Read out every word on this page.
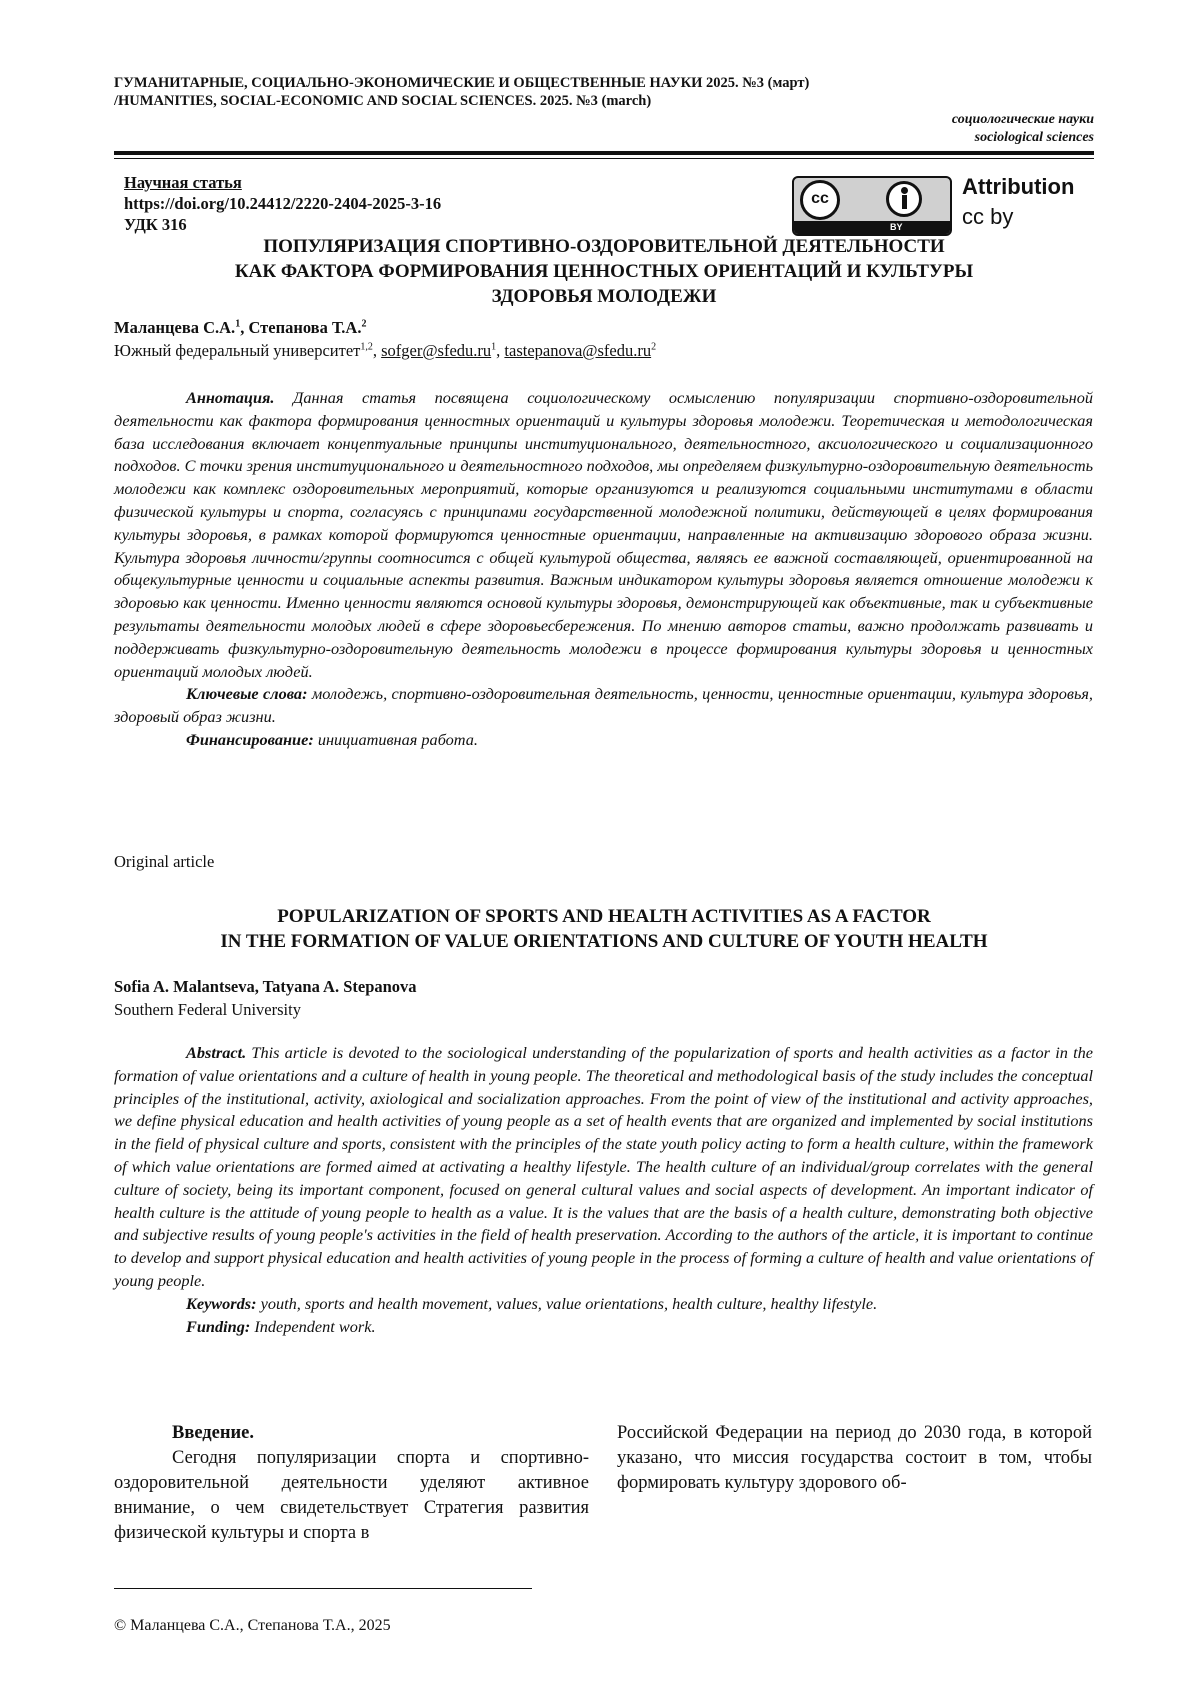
ГУМАНИТАРНЫЕ, СОЦИАЛЬНО-ЭКОНОМИЧЕСКИЕ И ОБЩЕСТВЕННЫЕ НАУКИ 2025. №3 (март)
/HUMANITIES, SOCIAL-ECONOMIC AND SOCIAL SCIENCES. 2025. №3 (march)
социологические науки
sociological sciences
Научная статья
https://doi.org/10.24412/2220-2404-2025-3-16
УДК 316
cc
BY
Attribution
cc by
ПОПУЛЯРИЗАЦИЯ СПОРТИВНО-ОЗДОРОВИТЕЛЬНОЙ ДЕЯТЕЛЬНОСТИ
КАК ФАКТОРА ФОРМИРОВАНИЯ ЦЕННОСТНЫХ ОРИЕНТАЦИЙ И КУЛЬТУРЫ
ЗДОРОВЬЯ МОЛОДЕЖИ
Маланцева С.А.$^1$, Степанова Т.А.$^2$
Южный федеральный университет$^{1,2}$, $sofger@sfedu.ru^1$, $tastepanova@sfedu.ru^2$

Аннотация. Данная статья посвящена социологическому осмыслению популяризации спортивно-оздоровительной деятельности как фактора формирования ценностных ориентаций и культуры здоровья молодежи. Теоретическая и методологическая база исследования включает концептуальные принципы институционального, деятельностного, аксиологического и социализационного подходов. С точки зрения институционального и деятельностного подходов, мы определяем физкультурно-оздоровительную деятельность молодежи как комплекс оздоровительных мероприятий, которые организуются и реализуются социальными институтами в области физической культуры и спорта, согласуясь с принципами государственной молодежной политики, действующей в целях формирования культуры здоровья, в рамках которой формируются ценностные ориентации, направленные на активизацию здорового образа жизни. Культура здоровья личности/группы соотносится с общей культурой общества, являясь ее важной составляющей, ориентированной на общекультурные ценности и социальные аспекты развития. Важным индикатором культуры здоровья является отношение молодежи к здоровью как ценности. Именно ценности являются основой культуры здоровья, демонстрирующей как объективные, так и субъективные результаты деятельности молодых людей в сфере здоровьесбережения. По мнению авторов статьи, важно продолжать развивать и поддерживать физкультурно-оздоровительную деятельность молодежи в процессе формирования культуры здоровья и ценностных ориентаций молодых людей.

Ключевые слова: молодежь, спортивно-оздоровительная деятельность, ценности, ценностные ориентации, культура здоровья, здоровый образ жизни.

Финансирование: инициативная работа.

Original article
POPULARIZATION OF SPORTS AND HEALTH ACTIVITIES AS A FACTOR
IN THE FORMATION OF VALUE ORIENTATIONS AND CULTURE OF YOUTH HEALTH
Sofia A. Malantseva, Tatyana A. Stepanova
Southern Federal University

Abstract. This article is devoted to the sociological understanding of the popularization of sports and health activities as a factor in the formation of value orientations and a culture of health in young people. The theoretical and methodological basis of the study includes the conceptual principles of the institutional, activity, axiological and socialization approaches. From the point of view of the institutional and activity approaches, we define physical education and health activities of young people as a set of health events that are organized and implemented by social institutions in the field of physical culture and sports, consistent with the principles of the state youth policy acting to form a health culture, within the framework of which value orientations are formed aimed at activating a healthy lifestyle. The health culture of an individual/group correlates with the general culture of society, being its important component, focused on general cultural values and social aspects of development. An important indicator of health culture is the attitude of young people to health as a value. It is the values that are the basis of a health culture, demonstrating both objective and subjective results of young people's activities in the field of health preservation. According to the authors of the article, it is important to continue to develop and support physical education and health activities of young people in the process of forming a culture of health and value orientations of young people.

Keywords: youth, sports and health movement, values, value orientations, health culture, healthy lifestyle.

Funding: Independent work.

Введение.

Сегодня популяризации спорта и спортивно-оздоровительной деятельности уделяют активное внимание, о чем свидетельствует Стратегия развития физической культуры и спорта в

Российской Федерации на период до 2030 года, в которой указано, что миссия государства состоит в том, чтобы формировать культуру здорового об-

© Маланцева С.А., Степанова Т.А., 2025
